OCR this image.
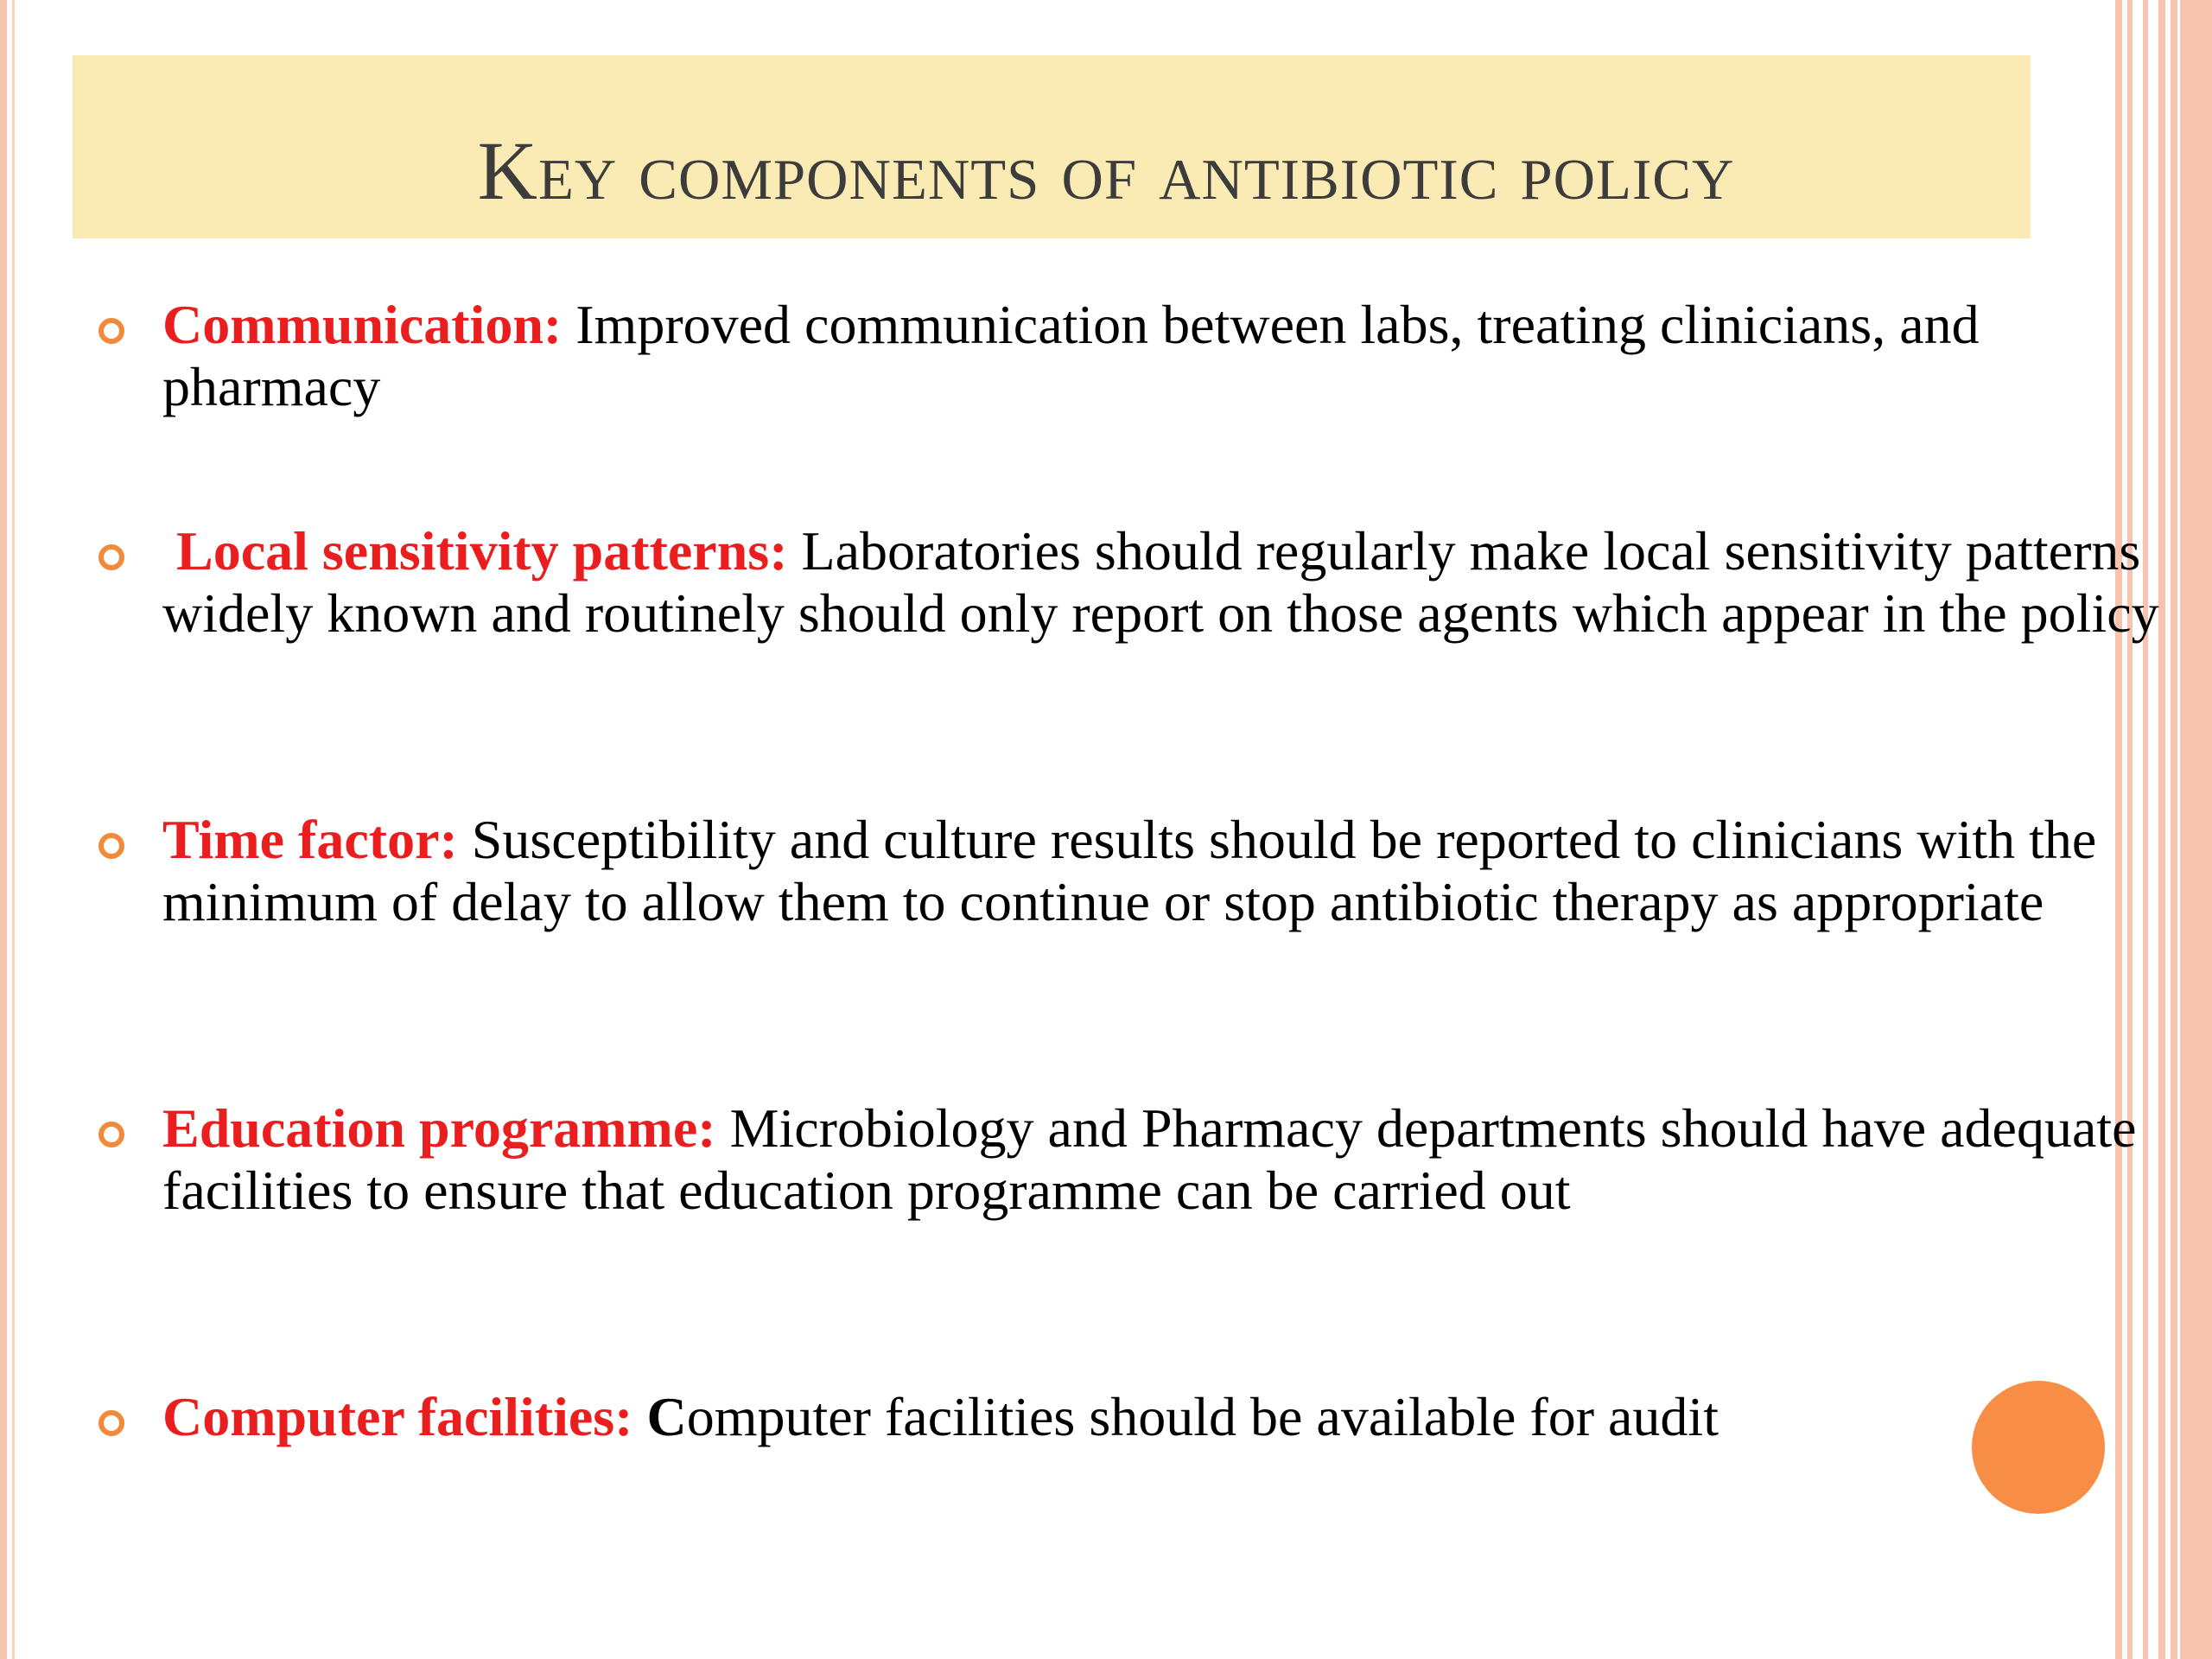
Key components of antibiotic policy
Communication: Improved communication between labs, treating clinicians, and pharmacy
Local sensitivity patterns: Laboratories should regularly make local sensitivity patterns widely known and routinely should only report on those agents which appear in the policy
Time factor: Susceptibility and culture results should be reported to clinicians with the minimum of delay to allow them to continue or stop antibiotic therapy as appropriate
Education programme: Microbiology and Pharmacy departments should have adequate facilities to ensure that education programme can be carried out
Computer facilities: Computer facilities should be available for audit
